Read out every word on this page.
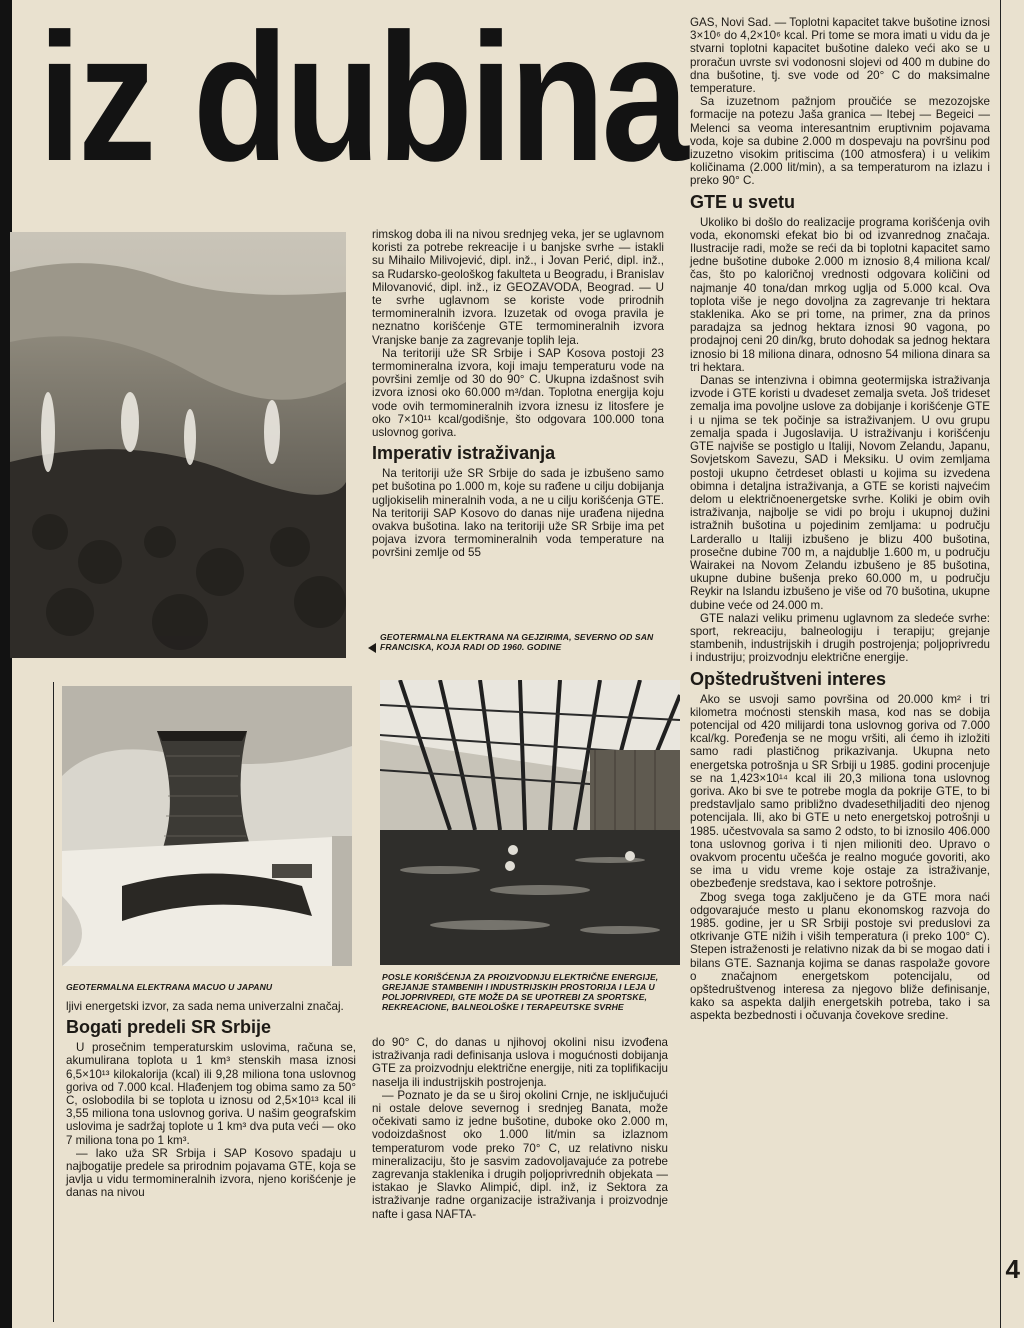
iz dubina
GEOTERMALNA ELEKTRANA NA GEJZIRIMA, SEVERNO OD SAN FRANCISKA, KOJA RADI OD 1960. GODINE
GEOTERMALNA ELEKTRANA MACUO U JAPANU
POSLE KORIŠĆENJA ZA PROIZVODNJU ELEKTRIČNE ENERGIJE, GREJANJE STAMBENIH I INDUSTRIJSKIH PROSTORIJA I LEJA U POLJOPRIVREDI, GTE MOŽE DA SE UPOTREBI ZA SPORTSKE, REKREACIONE, BALNEOLOŠKE I TERAPEUTSKE SVRHE

ljivi energetski izvor, za sada nema univerzalni značaj.

Bogati predeli SR Srbije

U prosečnim temperaturskim uslovima, računa se, akumulirana toplota u 1 km³ stenskih masa iznosi 6,5×10¹³ kilokalorija (kcal) ili 9,28 miliona tona uslovnog goriva od 7.000 kcal. Hlađenjem tog obima samo za 50° C, oslobodila bi se toplota u iznosu od 2,5×10¹³ kcal ili 3,55 miliona tona uslovnog goriva. U našim geografskim uslovima je sadržaj toplote u 1 km³ dva puta veći — oko 7 miliona tona po 1 km³.

— Iako uža SR Srbija i SAP Kosovo spadaju u najbogatije predele sa prirodnim pojavama GTE, koja se javlja u vidu termomineralnih izvora, njeno korišćenje je danas na nivou

rimskog doba ili na nivou srednjeg veka, jer se uglavnom koristi za potrebe rekreacije i u banjske svrhe — istakli su Mihailo Milivojević, dipl. inž., i Jovan Perić, dipl. inž., sa Rudarsko-geološkog fakulteta u Beogradu, i Branislav Milovanović, dipl. inž., iz GEOZAVODA, Beograd. — U te svrhe uglavnom se koriste vode prirodnih termomineralnih izvora. Izuzetak od ovoga pravila je neznatno korišćenje GTE termomineralnih izvora Vranjske banje za zagrevanje toplih leja.

Na teritoriji uže SR Srbije i SAP Kosova postoji 23 termomineralna izvora, koji imaju temperaturu vode na površini zemlje od 30 do 90° C. Ukupna izdašnost svih izvora iznosi oko 60.000 m³/dan. Toplotna energija koju vode ovih termomineralnih izvora iznesu iz litosfere je oko 7×10¹¹ kcal/godišnje, što odgovara 100.000 tona uslovnog goriva.

Imperativ istraživanja

Na teritoriji uže SR Srbije do sada je izbušeno samo pet bušotina po 1.000 m, koje su rađene u cilju dobijanja ugljokiselih mineralnih voda, a ne u cilju korišćenja GTE. Na teritoriji SAP Kosovo do danas nije urađena nijedna ovakva bušotina. Iako na teritoriji uže SR Srbije ima pet pojava izvora termomineralnih voda temperature na površini zemlje od 55

do 90° C, do danas u njihovoj okolini nisu izvođena istraživanja radi definisanja uslova i mogućnosti dobijanja GTE za proizvodnju električne energije, niti za toplifikaciju naselja ili industrijskih postrojenja.

— Poznato je da se u široj okolini Crnje, ne isključujući ni ostale delove severnog i srednjeg Banata, može očekivati samo iz jedne bušotine, duboke oko 2.000 m, vodoizdašnost oko 1.000 lit/min sa izlaznom temperaturom vode preko 70° C, uz relativno nisku mineralizaciju, što je sasvim zadovoljavajuće za potrebe zagrevanja staklenika i drugih poljoprivrednih objekata — istakao je Slavko Alimpić, dipl. inž, iz Sektora za istraživanje radne organizacije istraživanja i proizvodnje nafte i gasa NAFTA-

GAS, Novi Sad. — Toplotni kapacitet takve bušotine iznosi 3×10⁶ do 4,2×10⁶ kcal. Pri tome se mora imati u vidu da je stvarni toplotni kapacitet bušotine daleko veći ako se u proračun uvrste svi vodonosni slojevi od 400 m dubine do dna bušotine, tj. sve vode od 20° C do maksimalne temperature.

Sa izuzetnom pažnjom proučiće se mezozojske formacije na potezu Jaša granica — Itebej — Begeici — Melenci sa veoma interesantnim eruptivnim pojavama voda, koje sa dubine 2.000 m dospevaju na površinu pod izuzetno visokim pritiscima (100 atmosfera) i u velikim količinama (2.000 lit/min), a sa temperaturom na izlazu i preko 90° C.

GTE u svetu

Ukoliko bi došlo do realizacije programa korišćenja ovih voda, ekonomski efekat bio bi od izvanrednog značaja. Ilustracije radi, može se reći da bi toplotni kapacitet samo jedne bušotine duboke 2.000 m iznosio 8,4 miliona kcal/čas, što po kaloričnoj vrednosti odgovara količini od najmanje 40 tona/dan mrkog uglja od 5.000 kcal. Ova toplota više je nego dovoljna za zagrevanje tri hektara staklenika. Ako se pri tome, na primer, zna da prinos paradajza sa jednog hektara iznosi 90 vagona, po prodajnoj ceni 20 din/kg, bruto dohodak sa jednog hektara iznosio bi 18 miliona dinara, odnosno 54 miliona dinara sa tri hektara.

Danas se intenzivna i obimna geotermijska istraživanja izvode i GTE koristi u dvadeset zemalja sveta. Još trideset zemalja ima povoljne uslove za dobijanje i korišćenje GTE i u njima se tek počinje sa istraživanjem. U ovu grupu zemalja spada i Jugoslavija. U istraživanju i korišćenju GTE najviše se postiglo u Italiji, Novom Zelandu, Japanu, Sovjetskom Savezu, SAD i Meksiku. U ovim zemljama postoji ukupno četrdeset oblasti u kojima su izvedena obimna i detaljna istraživanja, a GTE se koristi najvećim delom u električnoenergetske svrhe. Koliki je obim ovih istraživanja, najbolje se vidi po broju i ukupnoj dužini istražnih bušotina u pojedinim zemljama: u području Larderallo u Italiji izbušeno je blizu 400 bušotina, prosečne dubine 700 m, a najdublje 1.600 m, u području Wairakei na Novom Zelandu izbušeno je 85 bušotina, ukupne dubine bušenja preko 60.000 m, u području Reykir na Islandu izbušeno je više od 70 bušotina, ukupne dubine veće od 24.000 m.

GTE nalazi veliku primenu uglavnom za sledeće svrhe: sport, rekreaciju, balneologiju i terapiju; grejanje stambenih, industrijskih i drugih postrojenja; poljoprivredu i industriju; proizvodnju električne energije.

Opštedruštveni interes

Ako se usvoji samo površina od 20.000 km² i tri kilometra moćnosti stenskih masa, kod nas se dobija potencijal od 420 milijardi tona uslovnog goriva od 7.000 kcal/kg. Poređenja se ne mogu vršiti, ali ćemo ih izložiti samo radi plastičnog prikazivanja. Ukupna neto energetska potrošnja u SR Srbiji u 1985. godini procenjuje se na 1,423×10¹⁴ kcal ili 20,3 miliona tona uslovnog goriva. Ako bi sve te potrebe mogla da pokrije GTE, to bi predstavljalo samo približno dvadesethiljaditi deo njenog potencijala. Ili, ako bi GTE u neto energetskoj potrošnji u 1985. učestvovala sa samo 2 odsto, to bi iznosilo 406.000 tona uslovnog goriva i ti njen milioniti deo. Upravo o ovakvom procentu učešća je realno moguće govoriti, ako se ima u vidu vreme koje ostaje za istraživanje, obezbeđenje sredstava, kao i sektore potrošnje.

Zbog svega toga zaključeno je da GTE mora naći odgovarajuće mesto u planu ekonomskog razvoja do 1985. godine, jer u SR Srbiji postoje svi preduslovi za otkrivanje GTE nižih i viših temperatura (i preko 100° C). Stepen istraženosti je relativno nizak da bi se mogao dati i bilans GTE. Saznanja kojima se danas raspolaže govore o značajnom energetskom potencijalu, od opštedruštvenog interesa za njegovo bliže definisanje, kako sa aspekta daljih energetskih potreba, tako i sa aspekta bezbednosti i očuvanja čovekove sredine.

4
